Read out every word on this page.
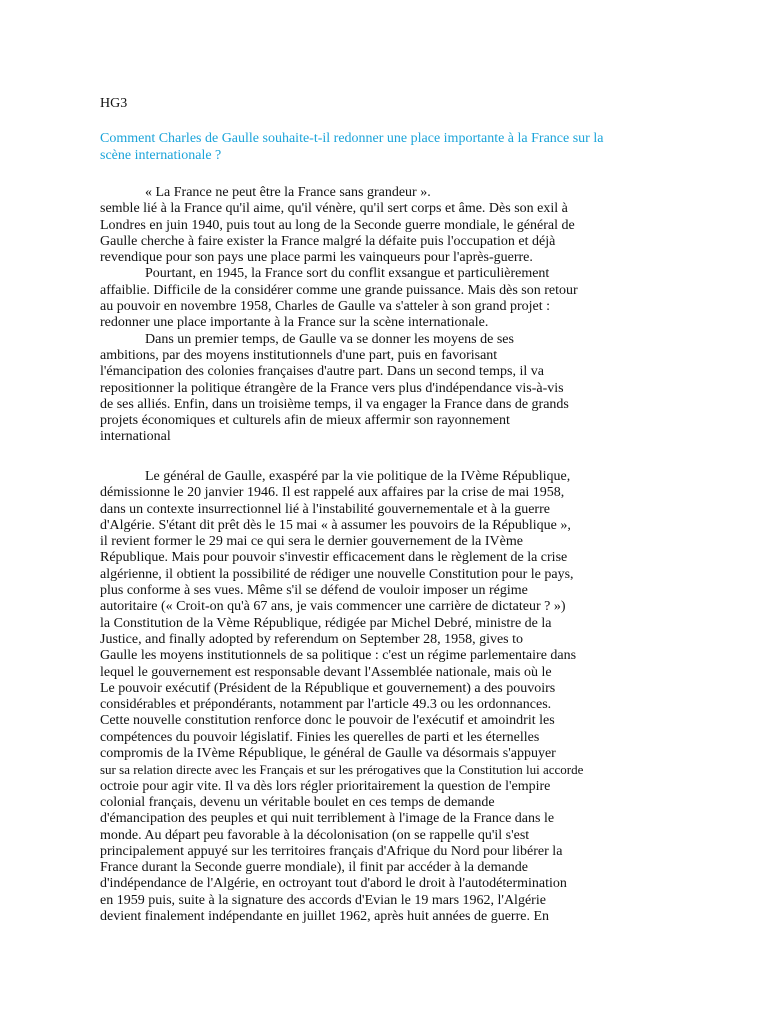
HG3
Comment Charles de Gaulle souhaite-t-il redonner une place importante à la France sur la
scène internationale ?
« La France ne peut être la France sans grandeur ».
semble lié à la France qu'il aime, qu'il vénère, qu'il sert corps et âme. Dès son exil à
Londres en juin 1940, puis tout au long de la Seconde guerre mondiale, le général de
Gaulle cherche à faire exister la France malgré la défaite puis l'occupation et déjà
revendique pour son pays une place parmi les vainqueurs pour l'après-guerre.
Pourtant, en 1945, la France sort du conflit exsangue et particulièrement
affaiblie. Difficile de la considérer comme une grande puissance. Mais dès son retour
au pouvoir en novembre 1958, Charles de Gaulle va s'atteler à son grand projet :
redonner une place importante à la France sur la scène internationale.
Dans un premier temps, de Gaulle va se donner les moyens de ses
ambitions, par des moyens institutionnels d'une part, puis en favorisant
l'émancipation des colonies françaises d'autre part. Dans un second temps, il va
repositionner la politique étrangère de la France vers plus d'indépendance vis-à-vis
de ses alliés. Enfin, dans un troisième temps, il va engager la France dans de grands
projets économiques et culturels afin de mieux affermir son rayonnement
international
Le général de Gaulle, exaspéré par la vie politique de la IVème République,
démissionne le 20 janvier 1946. Il est rappelé aux affaires par la crise de mai 1958,
dans un contexte insurrectionnel lié à l'instabilité gouvernementale et à la guerre
d'Algérie. S'étant dit prêt dès le 15 mai « à assumer les pouvoirs de la République »,
il revient former le 29 mai ce qui sera le dernier gouvernement de la IVème
République. Mais pour pouvoir s'investir efficacement dans le règlement de la crise
algérienne, il obtient la possibilité de rédiger une nouvelle Constitution pour le pays,
plus conforme à ses vues. Même s'il se défend de vouloir imposer un régime
autoritaire (« Croit-on qu'à 67 ans, je vais commencer une carrière de dictateur ? »)
la Constitution de la Vème République, rédigée par Michel Debré, ministre de la
Justice, and finally adopted by referendum on September 28, 1958, gives to
Gaulle les moyens institutionnels de sa politique : c'est un régime parlementaire dans
lequel le gouvernement est responsable devant l'Assemblée nationale, mais où le
Le pouvoir exécutif (Président de la République et gouvernement) a des pouvoirs
considérables et prépondérants, notamment par l'article 49.3 ou les ordonnances.
Cette nouvelle constitution renforce donc le pouvoir de l'exécutif et amoindrit les
compétences du pouvoir législatif. Finies les querelles de parti et les éternelles
compromis de la IVème République, le général de Gaulle va désormais s'appuyer
sur sa relation directe avec les Français et sur les prérogatives que la Constitution lui accorde
octroie pour agir vite. Il va dès lors régler prioritairement la question de l'empire
colonial français, devenu un véritable boulet en ces temps de demande
d'émancipation des peuples et qui nuit terriblement à l'image de la France dans le
monde. Au départ peu favorable à la décolonisation (on se rappelle qu'il s'est
principalement appuyé sur les territoires français d'Afrique du Nord pour libérer la
France durant la Seconde guerre mondiale), il finit par accéder à la demande
d'indépendance de l'Algérie, en octroyant tout d'abord le droit à l'autodétermination
en 1959 puis, suite à la signature des accords d'Evian le 19 mars 1962, l'Algérie
devient finalement indépendante en juillet 1962, après huit années de guerre. En
